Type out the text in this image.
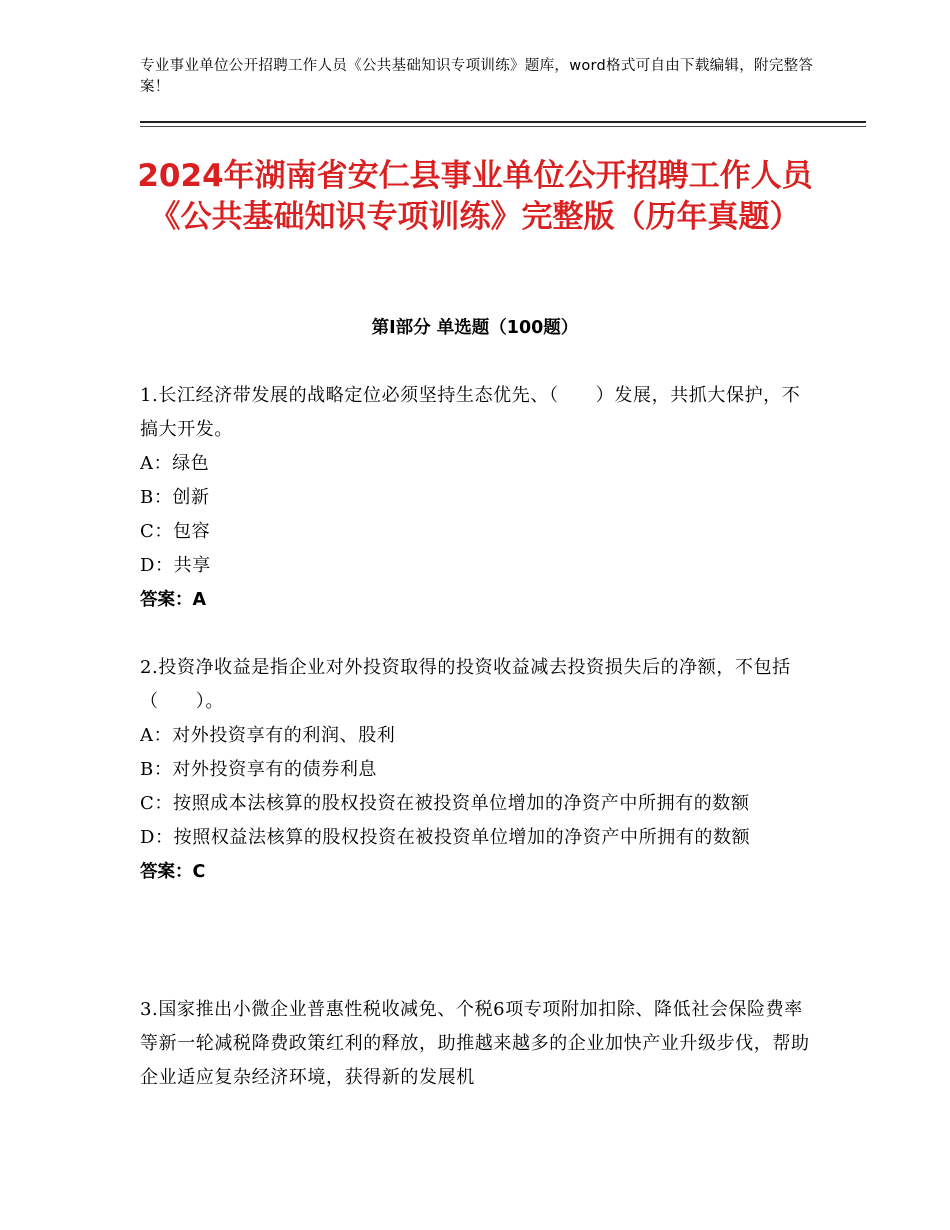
专业事业单位公开招聘工作人员《公共基础知识专项训练》题库，word格式可自由下载编辑，附完整答案！
2024年湖南省安仁县事业单位公开招聘工作人员《公共基础知识专项训练》完整版（历年真题）
第Ⅰ部分 单选题（100题）

1.长江经济带发展的战略定位必须坚持生态优先、（　　）发展，共抓大保护，不搞大开发。

A：绿色

B：创新

C：包容

D：共享

答案：A

2.投资净收益是指企业对外投资取得的投资收益减去投资损失后的净额，不包括（　　）。

A：对外投资享有的利润、股利

B：对外投资享有的债券利息

C：按照成本法核算的股权投资在被投资单位增加的净资产中所拥有的数额

D：按照权益法核算的股权投资在被投资单位增加的净资产中所拥有的数额

答案：C

3.国家推出小微企业普惠性税收减免、个税6项专项附加扣除、降低社会保险费率等新一轮减税降费政策红利的释放，助推越来越多的企业加快产业升级步伐，帮助企业适应复杂经济环境，获得新的发展机
